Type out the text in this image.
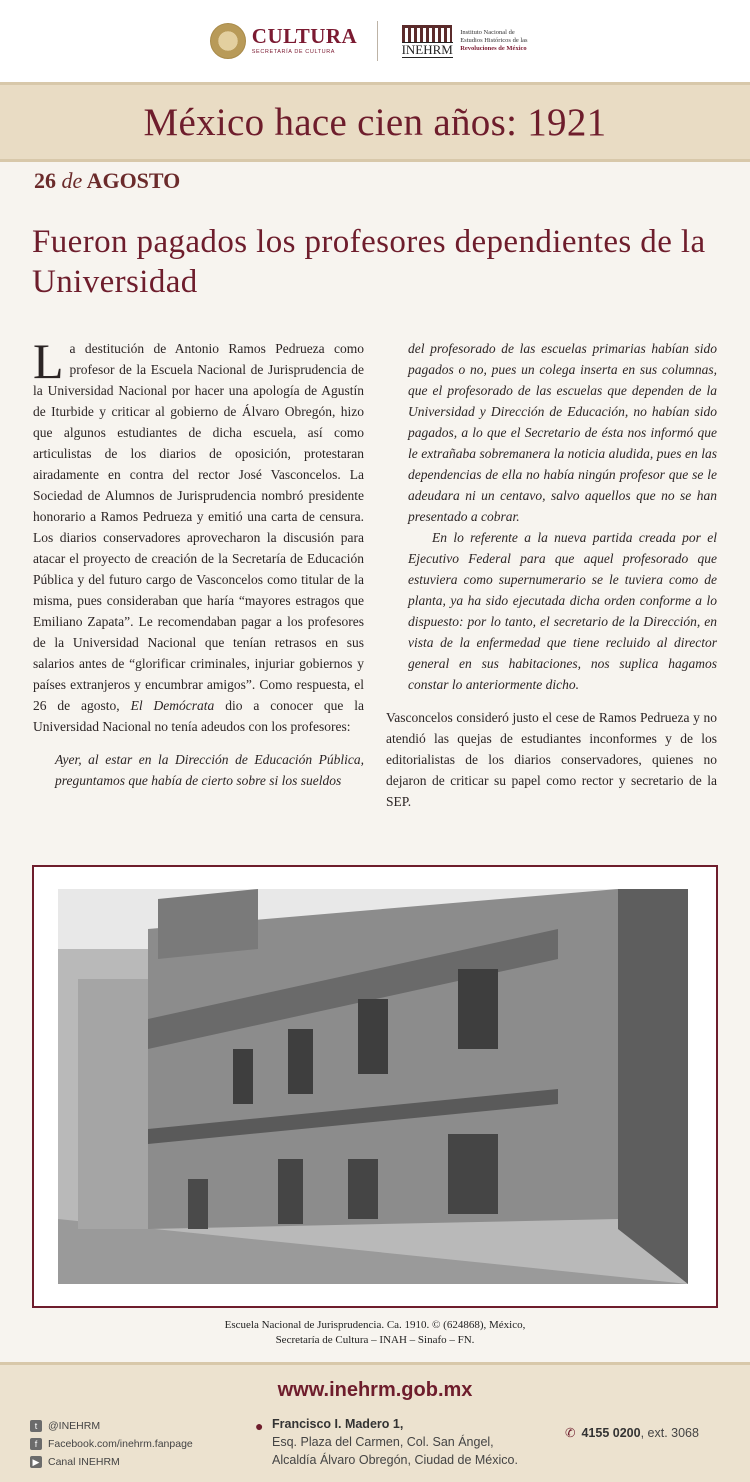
CULTURA
SECRETARÍA DE CULTURA	INEHRM
Instituto Nacional de
Estudios Históricos de las
Revoluciones de México
México hace cien años: 1921
26 de AGOSTO
Fueron pagados los profesores dependientes de la Universidad

La destitución de Antonio Ramos Pedrueza como profesor de la Escuela Nacional de Jurisprudencia de la Universidad Nacional por hacer una apología de Agustín de Iturbide y criticar al gobierno de Álvaro Obregón, hizo que algunos estudiantes de dicha escuela, así como articulistas de los diarios de oposición, protestaran airadamente en contra del rector José Vasconcelos. La Sociedad de Alumnos de Jurisprudencia nombró presidente honorario a Ramos Pedrueza y emitió una carta de censura. Los diarios conservadores aprovecharon la discusión para atacar el proyecto de creación de la Secretaría de Educación Pública y del futuro cargo de Vasconcelos como titular de la misma, pues consideraban que haría “mayores estragos que Emiliano Zapata”. Le recomendaban pagar a los profesores de la Universidad Nacional que tenían retrasos en sus salarios antes de “glorificar criminales, injuriar gobiernos y países extranjeros y encumbrar amigos”. Como respuesta, el 26 de agosto, El Demócrata dio a conocer que la Universidad Nacional no tenía adeudos con los profesores:

Ayer, al estar en la Dirección de Educación Pública, preguntamos que había de cierto sobre si los sueldos

del profesorado de las escuelas primarias habían sido pagados o no, pues un colega inserta en sus columnas, que el profesorado de las escuelas que dependen de la Universidad y Dirección de Educación, no habían sido pagados, a lo que el Secretario de ésta nos informó que le extrañaba sobremanera la noticia aludida, pues en las dependencias de ella no había ningún profesor que se le adeudara ni un centavo, salvo aquellos que no se han presentado a cobrar.

En lo referente a la nueva partida creada por el Ejecutivo Federal para que aquel profesorado que estuviera como supernumerario se le tuviera como de planta, ya ha sido ejecutada dicha orden conforme a lo dispuesto: por lo tanto, el secretario de la Dirección, en vista de la enfermedad que tiene recluido al director general en sus habitaciones, nos suplica hagamos constar lo anteriormente dicho.

Vasconcelos consideró justo el cese de Ramos Pedrueza y no atendió las quejas de estudiantes inconformes y de los editorialistas de los diarios conservadores, quienes no dejaron de criticar su papel como rector y secretario de la SEP.

Escuela Nacional de Jurisprudencia. Ca. 1910. © (624868), México,
Secretaría de Cultura – INAH – Sinafo – FN.
www.inehrm.gob.mx
t	@INEHRM
f	Facebook.com/inehrm.fanpage
▶ Canal INEHRM
● Francisco I. Madero 1,
Esq. Plaza del Carmen, Col. San Ángel,
Alcaldía Álvaro Obregón, Ciudad de México.
✆ 4155 0200, ext. 3068
